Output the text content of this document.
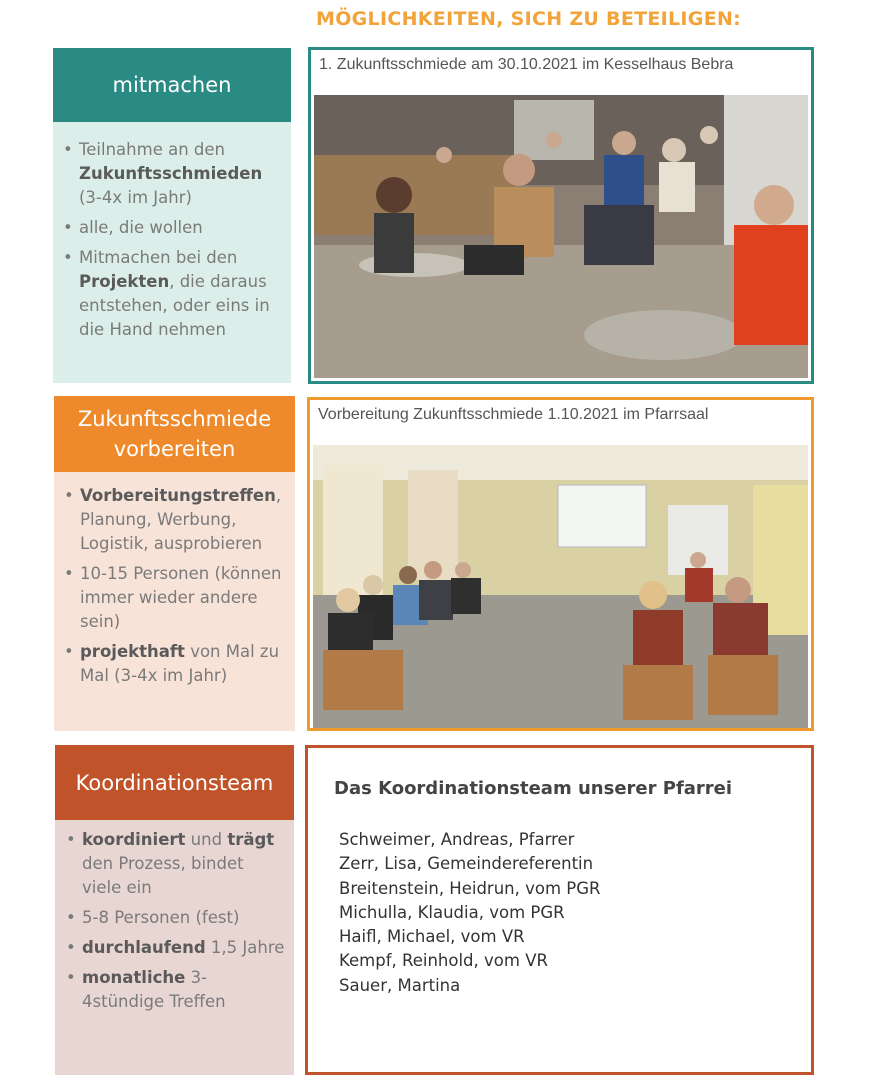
MÖGLICHKEITEN, SICH ZU BETEILIGEN:
mitmachen
• Teilnahme an den Zukunftsschmieden (3-4x im Jahr)
• alle, die wollen
• Mitmachen bei den Projekten, die daraus entstehen, oder eins in die Hand nehmen
1. Zukunftsschmiede am 30.10.2021 im Kesselhaus Bebra
Zukunftsschmiede vorbereiten
• Vorbereitungstreffen, Planung, Werbung, Logistik, ausprobieren
• 10-15 Personen (können immer wieder andere sein)
• projekthaft von Mal zu Mal (3-4x im Jahr)
Vorbereitung Zukunftsschmiede 1.10.2021 im Pfarrsaal
Koordinationsteam
• koordiniert und trägt den Prozess, bindet viele ein
• 5-8 Personen (fest)
• durchlaufend 1,5 Jahre
• monatliche 3-4stündige Treffen
Das Koordinationsteam unserer Pfarrei
Schweimer, Andreas, Pfarrer
Zerr, Lisa, Gemeindereferentin
Breitenstein, Heidrun, vom PGR
Michulla, Klaudia, vom PGR
Haifl, Michael, vom VR
Kempf, Reinhold, vom VR
Sauer, Martina
